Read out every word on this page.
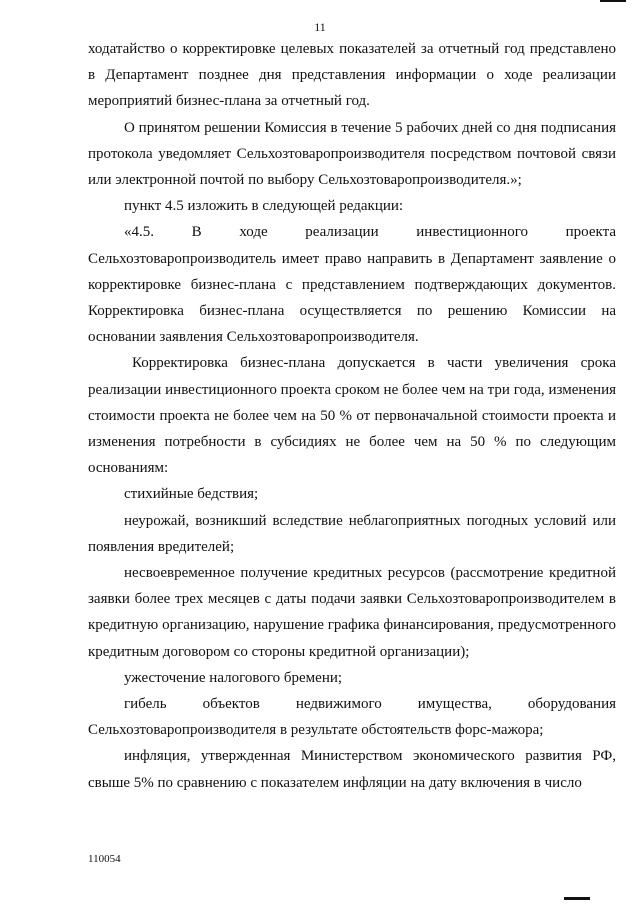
11

ходатайство о корректировке целевых показателей за отчетный год представлено в Департамент позднее дня представления информации о ходе реализации мероприятий бизнес-плана за отчетный год.

О принятом решении Комиссия в течение 5 рабочих дней со дня подписания протокола уведомляет Сельхозтоваропроизводителя посредством почтовой связи или электронной почтой по выбору Сельхозтоваропроизводителя.»;

пункт 4.5 изложить в следующей редакции:

«4.5. В ходе реализации инвестиционного проекта Сельхозтоваропроизводитель имеет право направить в Департамент заявление о корректировке бизнес-плана с представлением подтверждающих документов. Корректировка бизнес-плана осуществляется по решению Комиссии на основании заявления Сельхозтоваропроизводителя.

Корректировка бизнес-плана допускается в части увеличения срока реализации инвестиционного проекта сроком не более чем на три года, изменения стоимости проекта не более чем на 50 % от первоначальной стоимости проекта и изменения потребности в субсидиях не более чем на 50 % по следующим основаниям:

стихийные бедствия;

неурожай, возникший вследствие неблагоприятных погодных условий или появления вредителей;

несвоевременное получение кредитных ресурсов (рассмотрение кредитной заявки более трех месяцев с даты подачи заявки Сельхозтоваропроизводителем в кредитную организацию, нарушение графика финансирования, предусмотренного кредитным договором со стороны кредитной организации);

ужесточение налогового бремени;

гибель объектов недвижимого имущества, оборудования Сельхозтоваропроизводителя в результате обстоятельств форс-мажора;

инфляция, утвержденная Министерством экономического развития РФ, свыше 5% по сравнению с показателем инфляции на дату включения в число

110054
